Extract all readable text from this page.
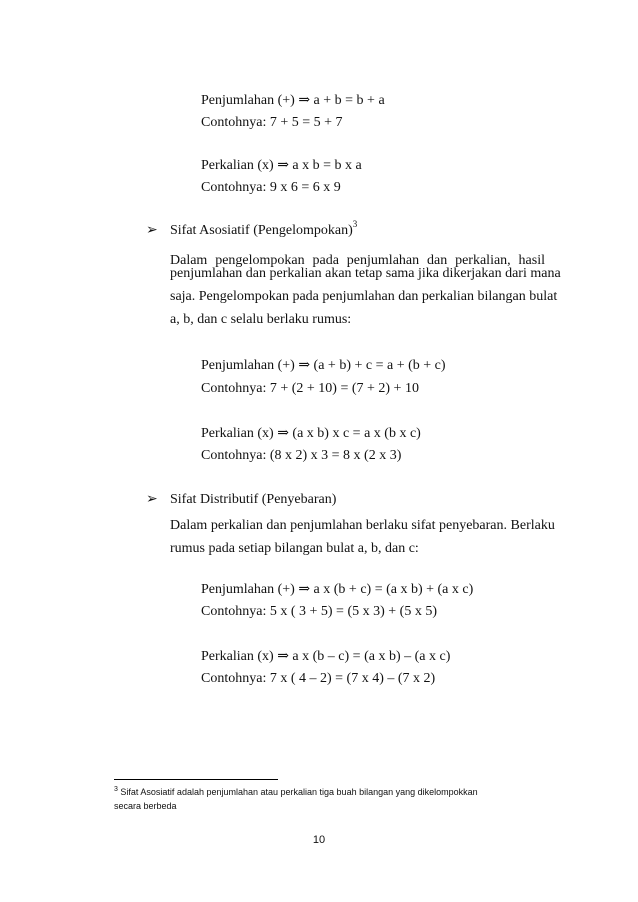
Penjumlahan (+) ⇒ a + b = b + a
Contohnya: 7 + 5 = 5 + 7
Perkalian (x) ⇒ a x b = b x a
Contohnya: 9 x 6 = 6 x 9
➢ Sifat Asosiatif (Pengelompokan)$^3$
Dalam pengelompokan pada penjumlahan dan perkalian, hasil
penjumlahan dan perkalian akan tetap sama jika dikerjakan dari mana
saja. Pengelompokan pada penjumlahan dan perkalian bilangan bulat
a, b, dan c selalu berlaku rumus:
Penjumlahan (+) ⇒ (a + b) + c = a + (b + c)
Contohnya: 7 + (2 + 10) = (7 + 2) + 10
Perkalian (x) ⇒ (a x b) x c = a x (b x c)
Contohnya: (8 x 2) x 3 = 8 x (2 x 3)
➢ Sifat Distributif (Penyebaran)
Dalam perkalian dan penjumlahan berlaku sifat penyebaran. Berlaku
rumus pada setiap bilangan bulat a, b, dan c:
Penjumlahan (+) ⇒ a x (b + c) = (a x b) + (a x c)
Contohnya: 5 x ( 3 + 5) = (5 x 3) + (5 x 5)
Perkalian (x) ⇒ a x (b – c) = (a x b) – (a x c)
Contohnya: 7 x ( 4 – 2) = (7 x 4) – (7 x 2)
$^3$ Sifat Asosiatif adalah penjumlahan atau perkalian tiga buah bilangan yang dikelompokkan
secara berbeda
10
